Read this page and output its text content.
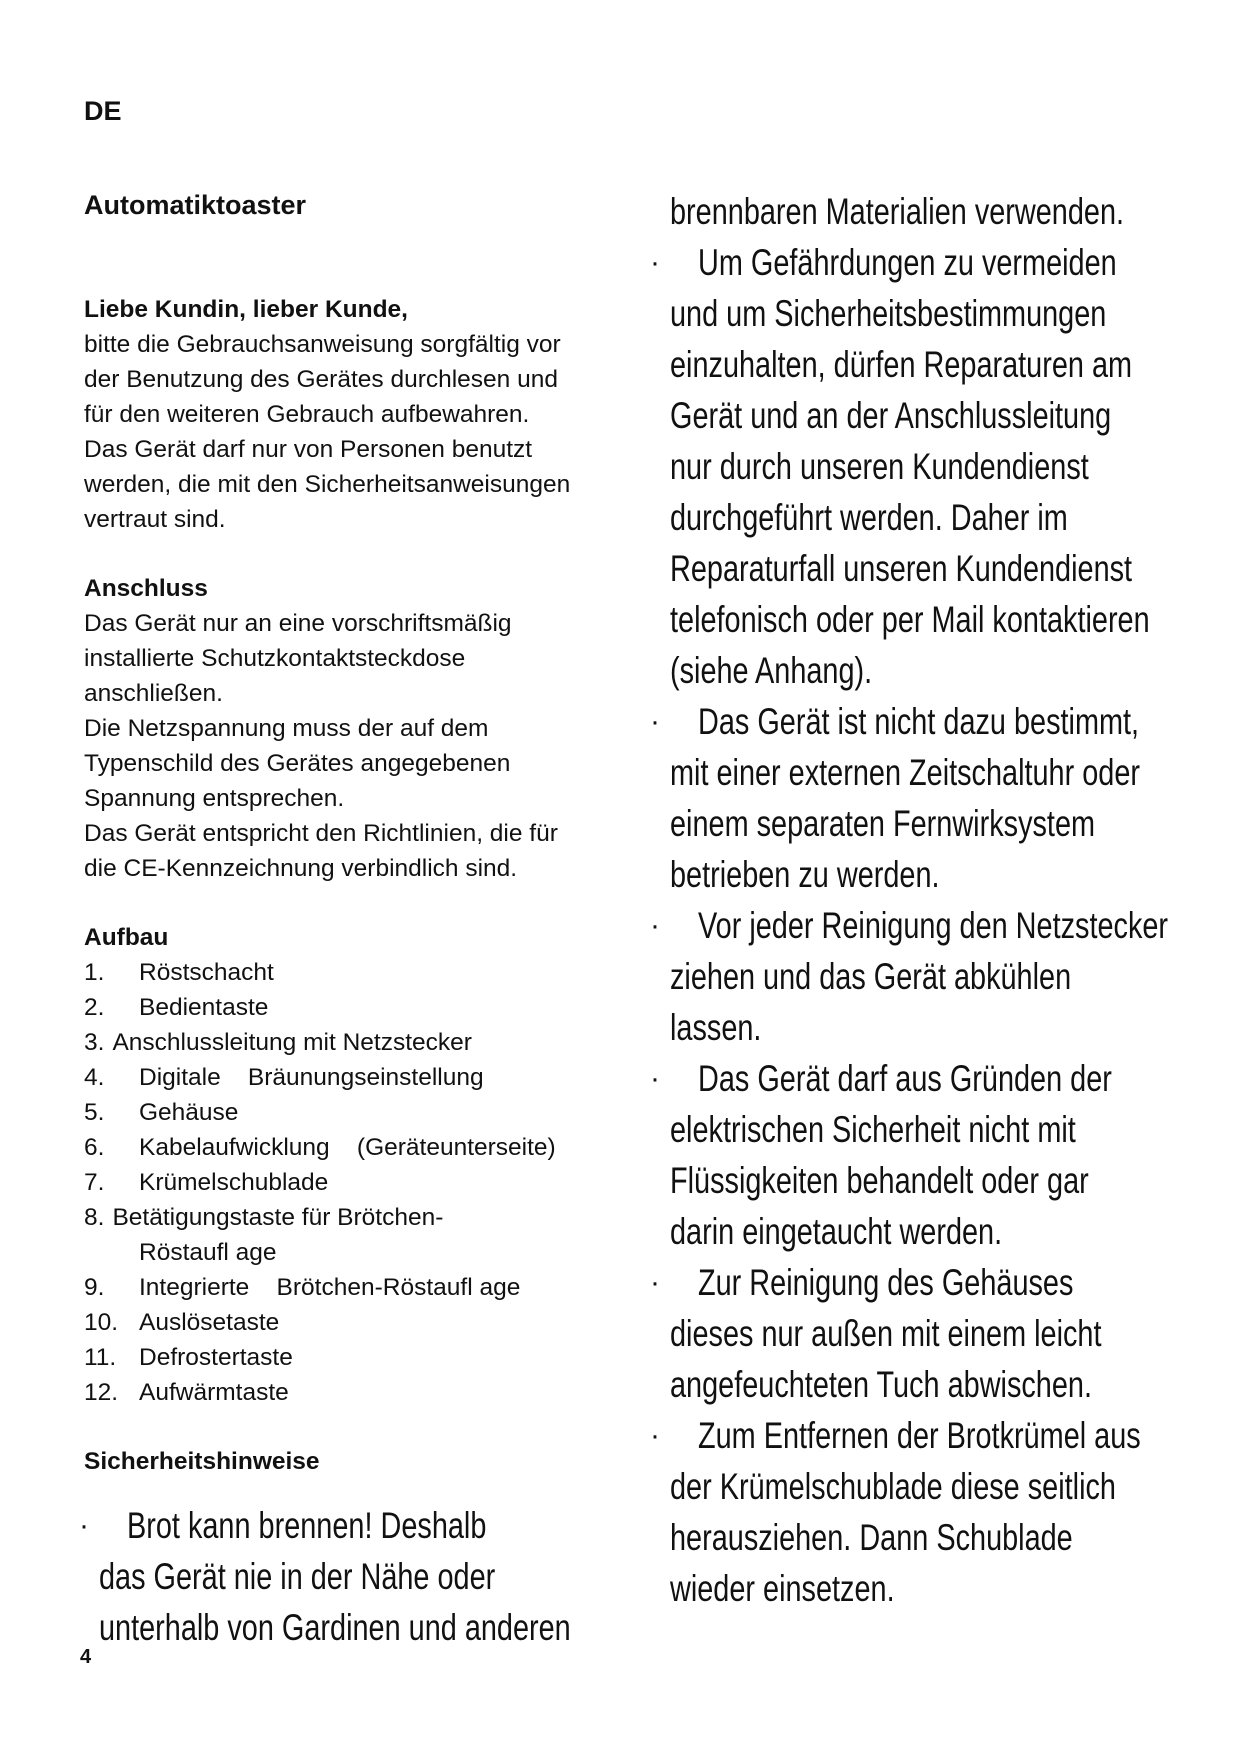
DE

Automatiktoaster

Liebe Kundin, lieber Kunde,

bitte die Gebrauchsanweisung sorgfältig vor

der Benutzung des Gerätes durchlesen und

für den weiteren Gebrauch aufbewahren.

Das Gerät darf nur von Personen benutzt

werden, die mit den Sicherheitsanweisungen

vertraut sind.

Anschluss

Das Gerät nur an eine vorschriftsmäßig

installierte Schutzkontaktsteckdose

anschließen.

Die Netzspannung muss der auf dem

Typenschild des Gerätes angegebenen

Spannung entsprechen.

Das Gerät entspricht den Richtlinien, die für

die CE-Kennzeichnung verbindlich sind.

Aufbau

1.	Röstschacht
2.	Bedientaste
3. Anschlussleitung mit Netzstecker
4.	Digitale    Bräunungseinstellung
5.	Gehäuse
6.	Kabelaufwicklung    (Geräteunterseite)
7.	Krümelschublade
8. Betätigungstaste für Brötchen-
Röstaufl age
9.	Integrierte    Brötchen-Röstaufl age
10. Auslösetaste
11. Defrostertaste
12. Aufwärmtaste

Sicherheitshinweise

·	Brot kann brennen! Deshalb
das Gerät nie in der Nähe oder
unterhalb von Gardinen und anderen

brennbaren Materialien verwenden.

·	Um Gefährdungen zu vermeiden
und um Sicherheitsbestimmungen
einzuhalten, dürfen Reparaturen am
Gerät und an der Anschlussleitung
nur durch unseren Kundendienst
durchgeführt werden. Daher im
Reparaturfall unseren Kundendienst
telefonisch oder per Mail kontaktieren
(siehe Anhang).
·	Das Gerät ist nicht dazu bestimmt,
mit einer externen Zeitschaltuhr oder
einem separaten Fernwirksystem
betrieben zu werden.
·	Vor jeder Reinigung den Netzstecker
ziehen und das Gerät abkühlen
lassen.
·	Das Gerät darf aus Gründen der
elektrischen Sicherheit nicht mit
Flüssigkeiten behandelt oder gar
darin eingetaucht werden.
·	Zur Reinigung des Gehäuses
dieses nur außen mit einem leicht
angefeuchteten Tuch abwischen.
·	Zum Entfernen der Brotkrümel aus
der Krümelschublade diese seitlich
herausziehen. Dann Schublade
wieder einsetzen.

4
